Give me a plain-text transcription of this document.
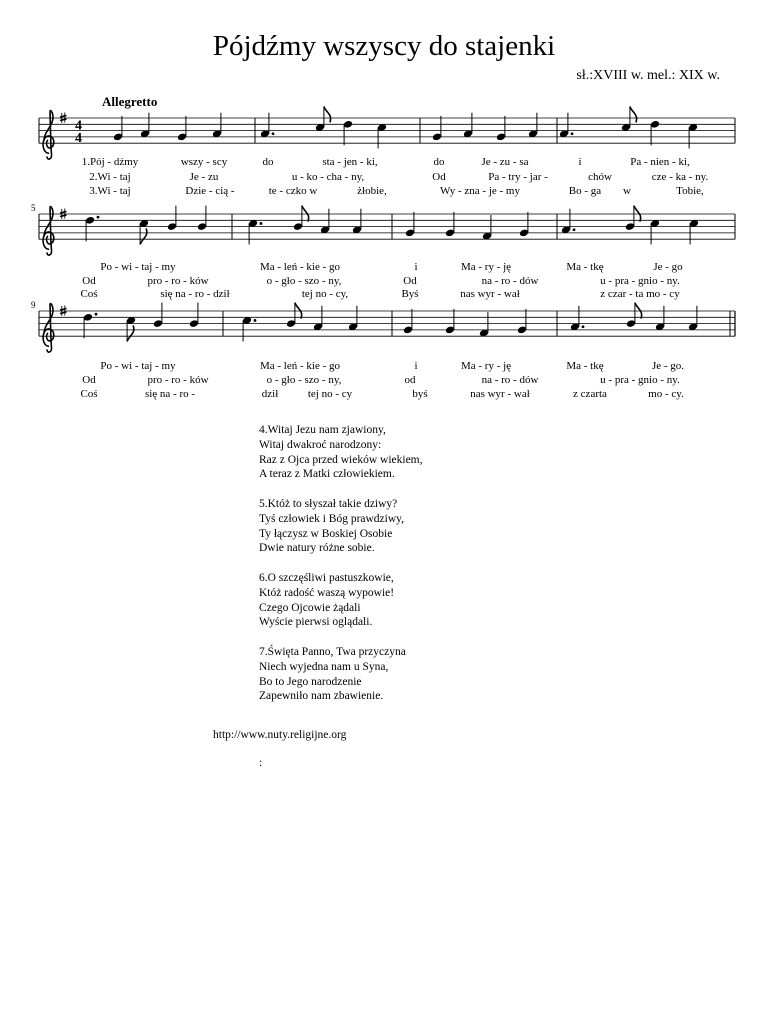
Pójdźmy wszyscy do stajenki
sł.:XVIII w. mel.: XIX w.
Allegretto
4
4
1.Pój - dźmy	wszy - scy	do	sta - jen - ki,	do	Je - zu - sa	i	Pa - nien - ki,
2.Wi - taj	Je - zu	u - ko - cha - ny,	Od	Pa - try - jar -	chów	cze - ka - ny.
3.Wi - taj	Dzie - cią -	te - czko w	żłobie,	Wy - zna - je - my	Bo - ga w	Tobie,
5
Po - wi - taj - my	Ma - leń - kie - go	i	Ma - ry - ję	Ma - tkę	Je - go
Od	pro - ro - ków	o - gło - szo - ny,	Od	na - ro - dów	u - pra - gnio - ny.
Coś	się na - ro - dził	tej no - cy,	Byś	nas wyr - wał	z czar - ta mo - cy
9
Po - wi - taj - my	Ma - leń - kie - go	i	Ma - ry - ję	Ma - tkę	Je - go.
Od	pro - ro - ków	o - gło - szo - ny,	od	na - ro - dów	u - pra - gnio - ny.
Coś	się na - ro -	dził	tej no - cy	byś	nas wyr - wał	z czarta	mo - cy.
4.Witaj Jezu nam zjawiony,
Witaj dwakroć narodzony:
Raz z Ojca przed wieków wiekiem,
A teraz z Matki człowiekiem.
5.Któż to słyszał takie dziwy?
Tyś człowiek i Bóg prawdziwy,
Ty łączysz w Boskiej Osobie
Dwie natury różne sobie.
6.O szczęśliwi pastuszkowie,
Któż radość waszą wypowie!
Czego Ojcowie żądali
Wyście pierwsi oglądali.
7.Święta Panno, Twa przyczyna
Niech wyjedna nam u Syna,
Bo to Jego narodzenie
Zapewniło nam zbawienie.
http://www.nuty.religijne.org
:
